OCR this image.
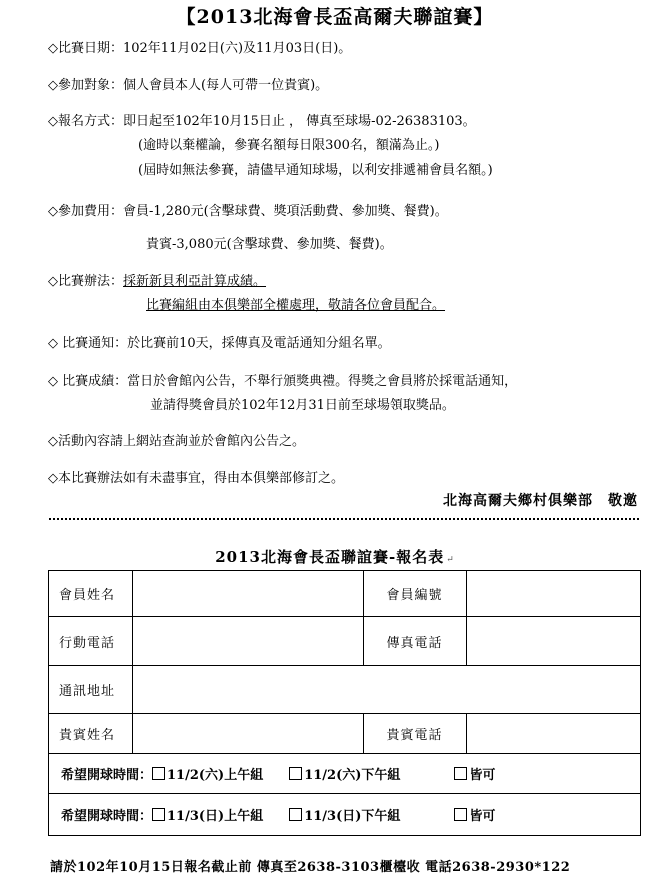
【2013北海會長盃高爾夫聯誼賽】
◇比賽日期：102年11月02日(六)及11月03日(日)。
◇參加對象：個人會員本人(每人可帶一位貴賓)。
◇報名方式：即日起至102年10月15日止 ， 傳真至球場-02-26383103。
(逾時以棄權論，參賽名額每日限300名，額滿為止。)
(屆時如無法參賽，請儘早通知球場，以利安排遞補會員名額。)
◇參加費用：會員-1,280元(含擊球費、獎項活動費、參加獎、餐費)。
貴賓-3,080元(含擊球費、參加獎、餐費)。
◇比賽辦法：採新新貝利亞計算成績。
比賽編組由本俱樂部全權處理，敬請各位會員配合。
◇ 比賽通知：於比賽前10天，採傳真及電話通知分組名單。
◇ 比賽成績：當日於會館內公告，不舉行頒獎典禮。得獎之會員將於採電話通知，
並請得獎會員於102年12月31日前至球場領取獎品。
◇活動內容請上網站查詢並於會館內公告之。
◇本比賽辦法如有未盡事宜，得由本俱樂部修訂之。
北海高爾夫鄉村俱樂部　敬邀
2013北海會長盃聯誼賽-報名表 ↵
會員姓名		會員編號	
行動電話		傳真電話	
通訊地址			
貴賓姓名		貴賓電話	
希望開球時間： 11/2(六)上午組 11/2(六)下午組 皆可			
希望開球時間： 11/3(日)上午組 11/3(日)下午組 皆可			
請於102年10月15日報名截止前 傳真至2638-3103櫃檯收 電話2638-2930*122
